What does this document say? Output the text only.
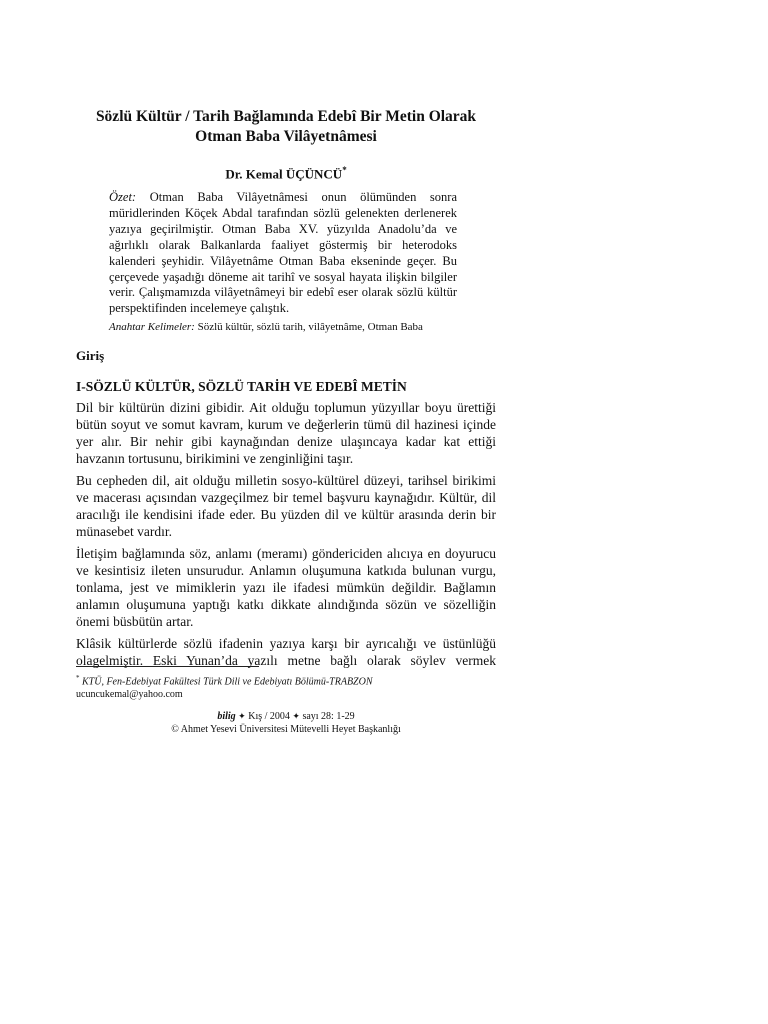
Sözlü Kültür / Tarih Bağlamında Edebî Bir Metin Olarak
Otman Baba Vilâyetnâmesi
Dr. Kemal ÜÇÜNCÜ*
Özet: Otman Baba Vilâyetnâmesi onun ölümünden sonra müridlerinden Köçek Abdal tarafından sözlü gelenekten derlenerek yazıya geçirilmiştir. Otman Baba XV. yüzyılda Anadolu’da ve ağırlıklı olarak Balkanlarda faaliyet göstermiş bir heterodoks kalenderi şeyhidir. Vilâyetnâme Otman Baba ekseninde geçer. Bu çerçevede yaşadığı döneme ait tarihî ve sosyal hayata ilişkin bilgiler verir. Çalışmamızda vilâyetnâmeyi bir edebî eser olarak sözlü kültür perspektifinden incelemeye çalıştık.
Anahtar Kelimeler: Sözlü kültür, sözlü tarih, vilâyetnâme, Otman Baba
Giriş
I-SÖZLÜ KÜLTÜR, SÖZLÜ TARİH VE EDEBÎ METİN

Dil bir kültürün dizini gibidir. Ait olduğu toplumun yüzyıllar boyu ürettiği bütün soyut ve somut kavram, kurum ve değerlerin tümü dil hazinesi içinde yer alır. Bir nehir gibi kaynağından denize ulaşıncaya kadar kat ettiği havzanın tortusunu, birikimini ve zenginliğini taşır.

Bu cepheden dil, ait olduğu milletin sosyo-kültürel düzeyi, tarihsel birikimi ve macerası açısından vazgeçilmez bir temel başvuru kaynağıdır. Kültür, dil aracılığı ile kendisini ifade eder. Bu yüzden dil ve kültür arasında derin bir münasebet vardır.

İletişim bağlamında söz, anlamı (meramı) göndericiden alıcıya en doyurucu ve kesintisiz ileten unsurudur. Anlamın oluşumuna katkıda bulunan vurgu, tonlama, jest ve mimiklerin yazı ile ifadesi mümkün değildir. Bağlamın anlamın oluşumuna yaptığı katkı dikkate alındığında sözün ve sözelliğin önemi büsbütün artar.

Klâsik kültürlerde sözlü ifadenin yazıya karşı bir ayrıcalığı ve üstünlüğü olagelmiştir. Eski Yunan’da yazılı metne bağlı olarak söylev vermek

* KTÜ, Fen-Edebiyat Fakültesi Türk Dili ve Edebiyatı Bölümü-TRABZON
ucuncukemal@yahoo.com
bilig ✦ Kış / 2004 ✦ sayı 28: 1-29
© Ahmet Yesevi Üniversitesi Mütevelli Heyet Başkanlığı
